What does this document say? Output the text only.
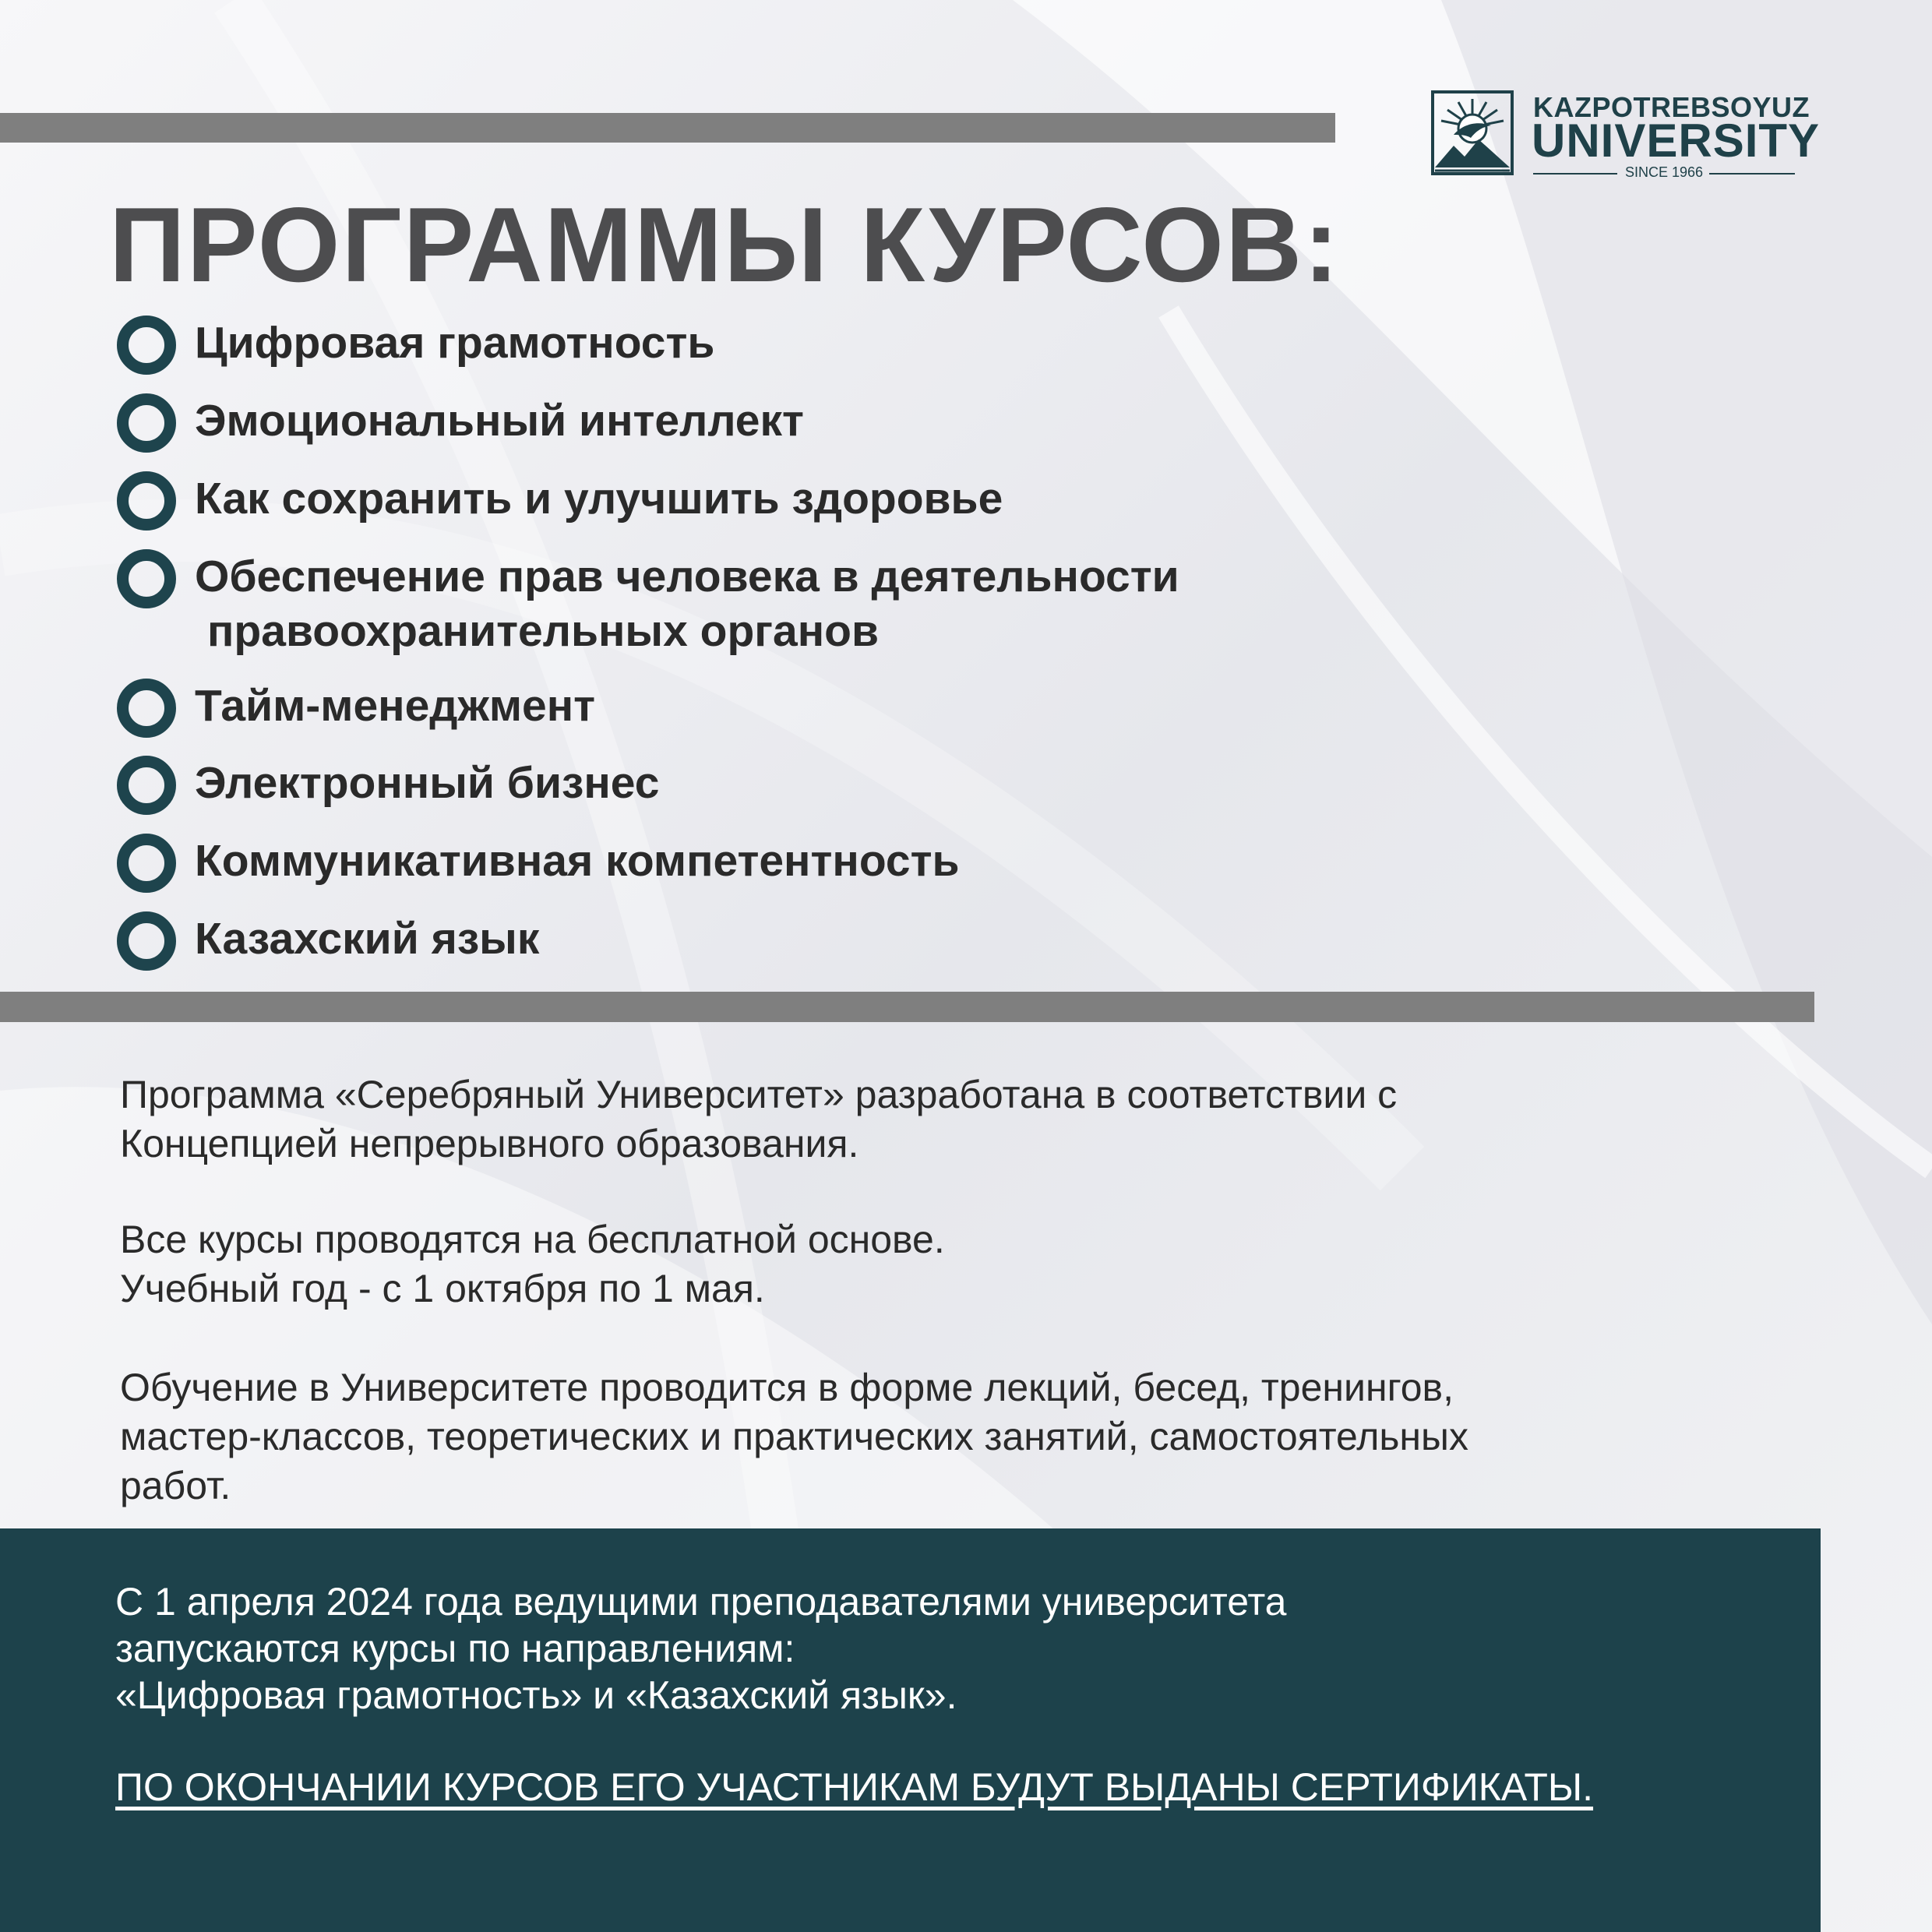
KAZPOTREBSOYUZ
UNIVERSITY
SINCE 1966
ПРОГРАММЫ КУРСОВ:
Цифровая грамотность
Эмоциональный интеллект
Как сохранить и улучшить здоровье
Обеспечение прав человека в деятельности
правоохранительных органов
Тайм-менеджмент
Электронный бизнес
Коммуникативная компетентность
Казахский язык
Программа «Серебряный Университет» разработана в соответствии с
Концепцией непрерывного образования.
Все курсы проводятся на бесплатной основе.
Учебный год - с 1 октября по 1 мая.
Обучение в Университете проводится в форме лекций, бесед, тренингов,
мастер-классов, теоретических и практических занятий, самостоятельных
работ.
С 1 апреля 2024 года ведущими преподавателями университета
запускаются курсы по направлениям:
«Цифровая грамотность» и «Казахский язык».
ПО ОКОНЧАНИИ КУРСОВ ЕГО УЧАСТНИКАМ БУДУТ ВЫДАНЫ СЕРТИФИКАТЫ.
